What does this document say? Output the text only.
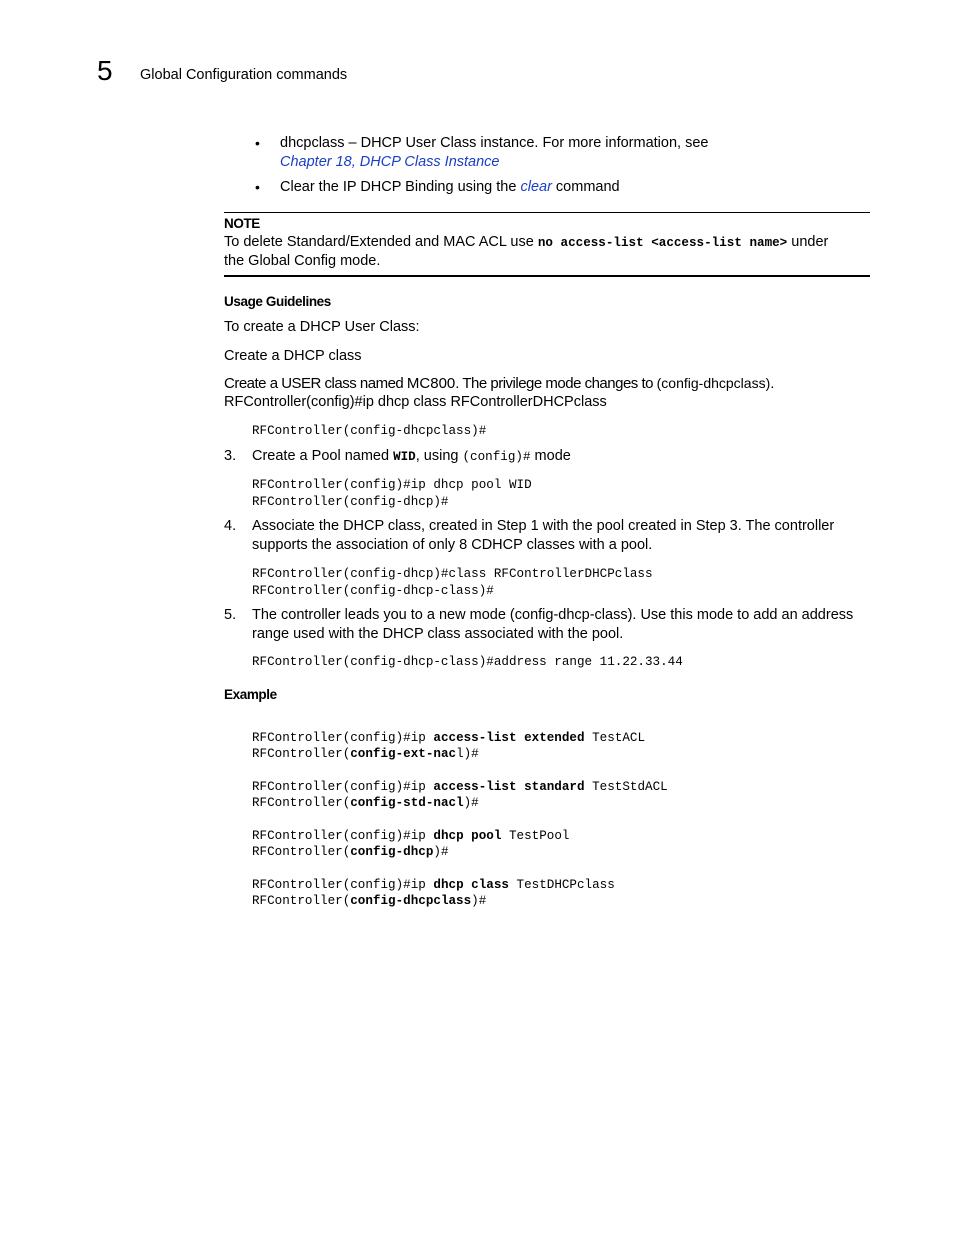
5 Global Configuration commands
• dhcpclass – DHCP User Class instance. For more information, see
Chapter 18, DHCP Class Instance
• Clear the IP DHCP Binding using the clear command
NOTE
To delete Standard/Extended and MAC ACL use no access-list <access-list name> under
the Global Config mode.
Usage Guidelines
To create a DHCP User Class:
Create a DHCP class
Create a USER class named MC800. The privilege mode changes to (config-dhcpclass).
RFController(config)#ip dhcp class RFControllerDHCPclass
RFController(config-dhcpclass)#
3. Create a Pool named WID, using (config)# mode
RFController(config)#ip dhcp pool WID
RFController(config-dhcp)#
4. Associate the DHCP class, created in Step 1 with the pool created in Step 3. The controller
supports the association of only 8 CDHCP classes with a pool.
RFController(config-dhcp)#class RFControllerDHCPclass
RFController(config-dhcp-class)#
5. The controller leads you to a new mode (config-dhcp-class). Use this mode to add an address
range used with the DHCP class associated with the pool.
RFController(config-dhcp-class)#address range 11.22.33.44
Example

RFController(config)#ip access-list extended TestACL
RFController(config-ext-nacl)#

RFController(config)#ip access-list standard TestStdACL
RFController(config-std-nacl)#

RFController(config)#ip dhcp pool TestPool
RFController(config-dhcp)#

RFController(config)#ip dhcp class TestDHCPclass
RFController(config-dhcpclass)#
